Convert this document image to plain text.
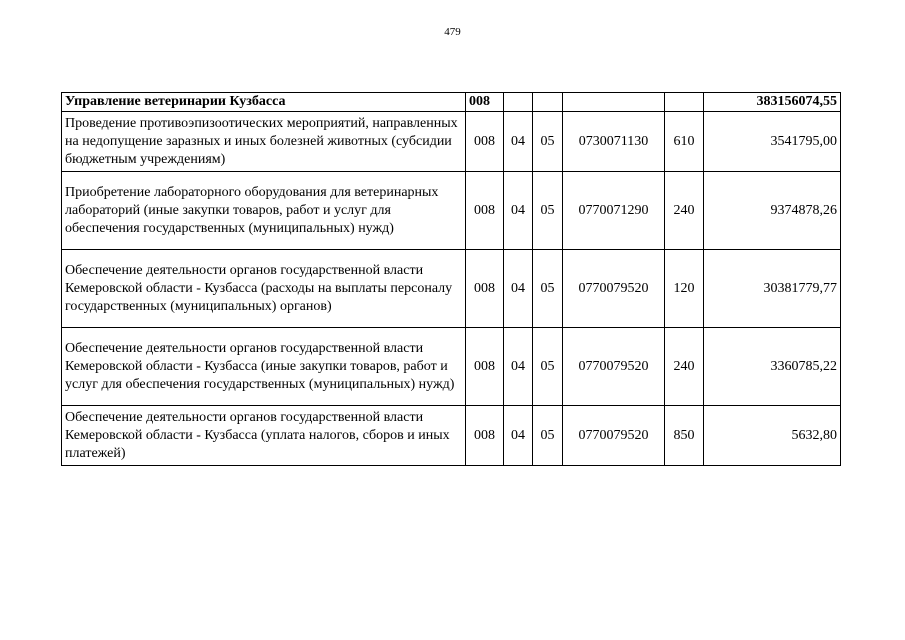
479
Управление ветеринарии Кузбасса	008					383156074,55
Проведение противоэпизоотических мероприятий, направленных на недопущение заразных и иных болезней животных (субсидии бюджетным учреждениям)	008	04	05	0730071130	610	3541795,00
Приобретение лабораторного оборудования для ветеринарных лабораторий (иные закупки товаров, работ и услуг для обеспечения государственных (муниципальных) нужд)	008	04	05	0770071290	240	9374878,26
Обеспечение деятельности органов государственной власти Кемеровской области - Кузбасса (расходы на выплаты персоналу государственных (муниципальных) органов)	008	04	05	0770079520	120	30381779,77
Обеспечение деятельности органов государственной власти Кемеровской области - Кузбасса (иные закупки товаров, работ и услуг для обеспечения государственных (муниципальных) нужд)	008	04	05	0770079520	240	3360785,22
Обеспечение деятельности органов государственной власти Кемеровской области - Кузбасса (уплата налогов, сборов и иных платежей)	008	04	05	0770079520	850	5632,80
